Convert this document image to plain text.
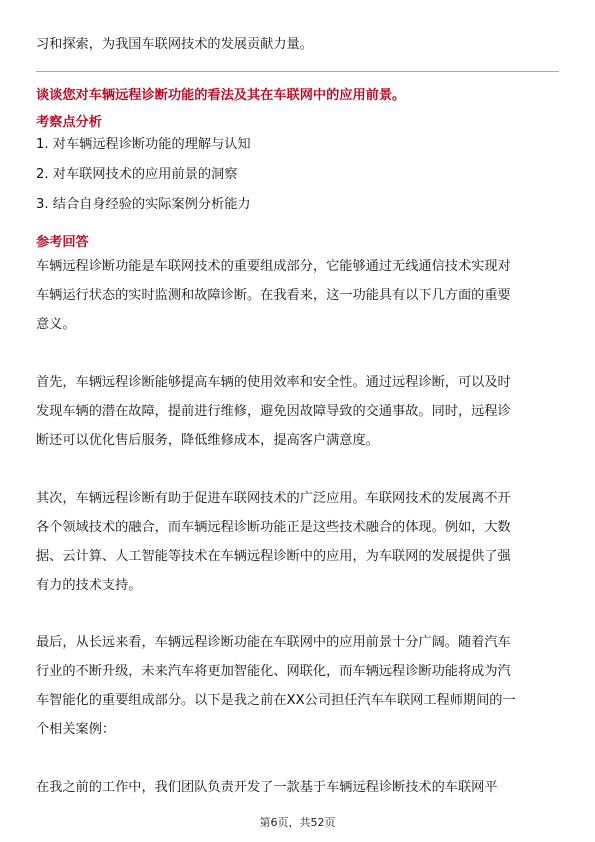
习和探索，为我国车联网技术的发展贡献力量。
谈谈您对车辆远程诊断功能的看法及其在车联网中的应用前景。
考察点分析
1. 对车辆远程诊断功能的理解与认知
2. 对车联网技术的应用前景的洞察
3. 结合自身经验的实际案例分析能力
参考回答
车辆远程诊断功能是车联网技术的重要组成部分，它能够通过无线通信技术实现对
车辆运行状态的实时监测和故障诊断。在我看来，这一功能具有以下几方面的重要
意义。
首先，车辆远程诊断能够提高车辆的使用效率和安全性。通过远程诊断，可以及时
发现车辆的潜在故障，提前进行维修，避免因故障导致的交通事故。同时，远程诊
断还可以优化售后服务，降低维修成本，提高客户满意度。
其次，车辆远程诊断有助于促进车联网技术的广泛应用。车联网技术的发展离不开
各个领域技术的融合，而车辆远程诊断功能正是这些技术融合的体现。例如，大数
据、云计算、人工智能等技术在车辆远程诊断中的应用，为车联网的发展提供了强
有力的技术支持。
最后，从长远来看，车辆远程诊断功能在车联网中的应用前景十分广阔。随着汽车
行业的不断升级，未来汽车将更加智能化、网联化，而车辆远程诊断功能将成为汽
车智能化的重要组成部分。以下是我之前在XX公司担任汽车车联网工程师期间的一
个相关案例：
在我之前的工作中，我们团队负责开发了一款基于车辆远程诊断技术的车联网平
第6页，共52页
